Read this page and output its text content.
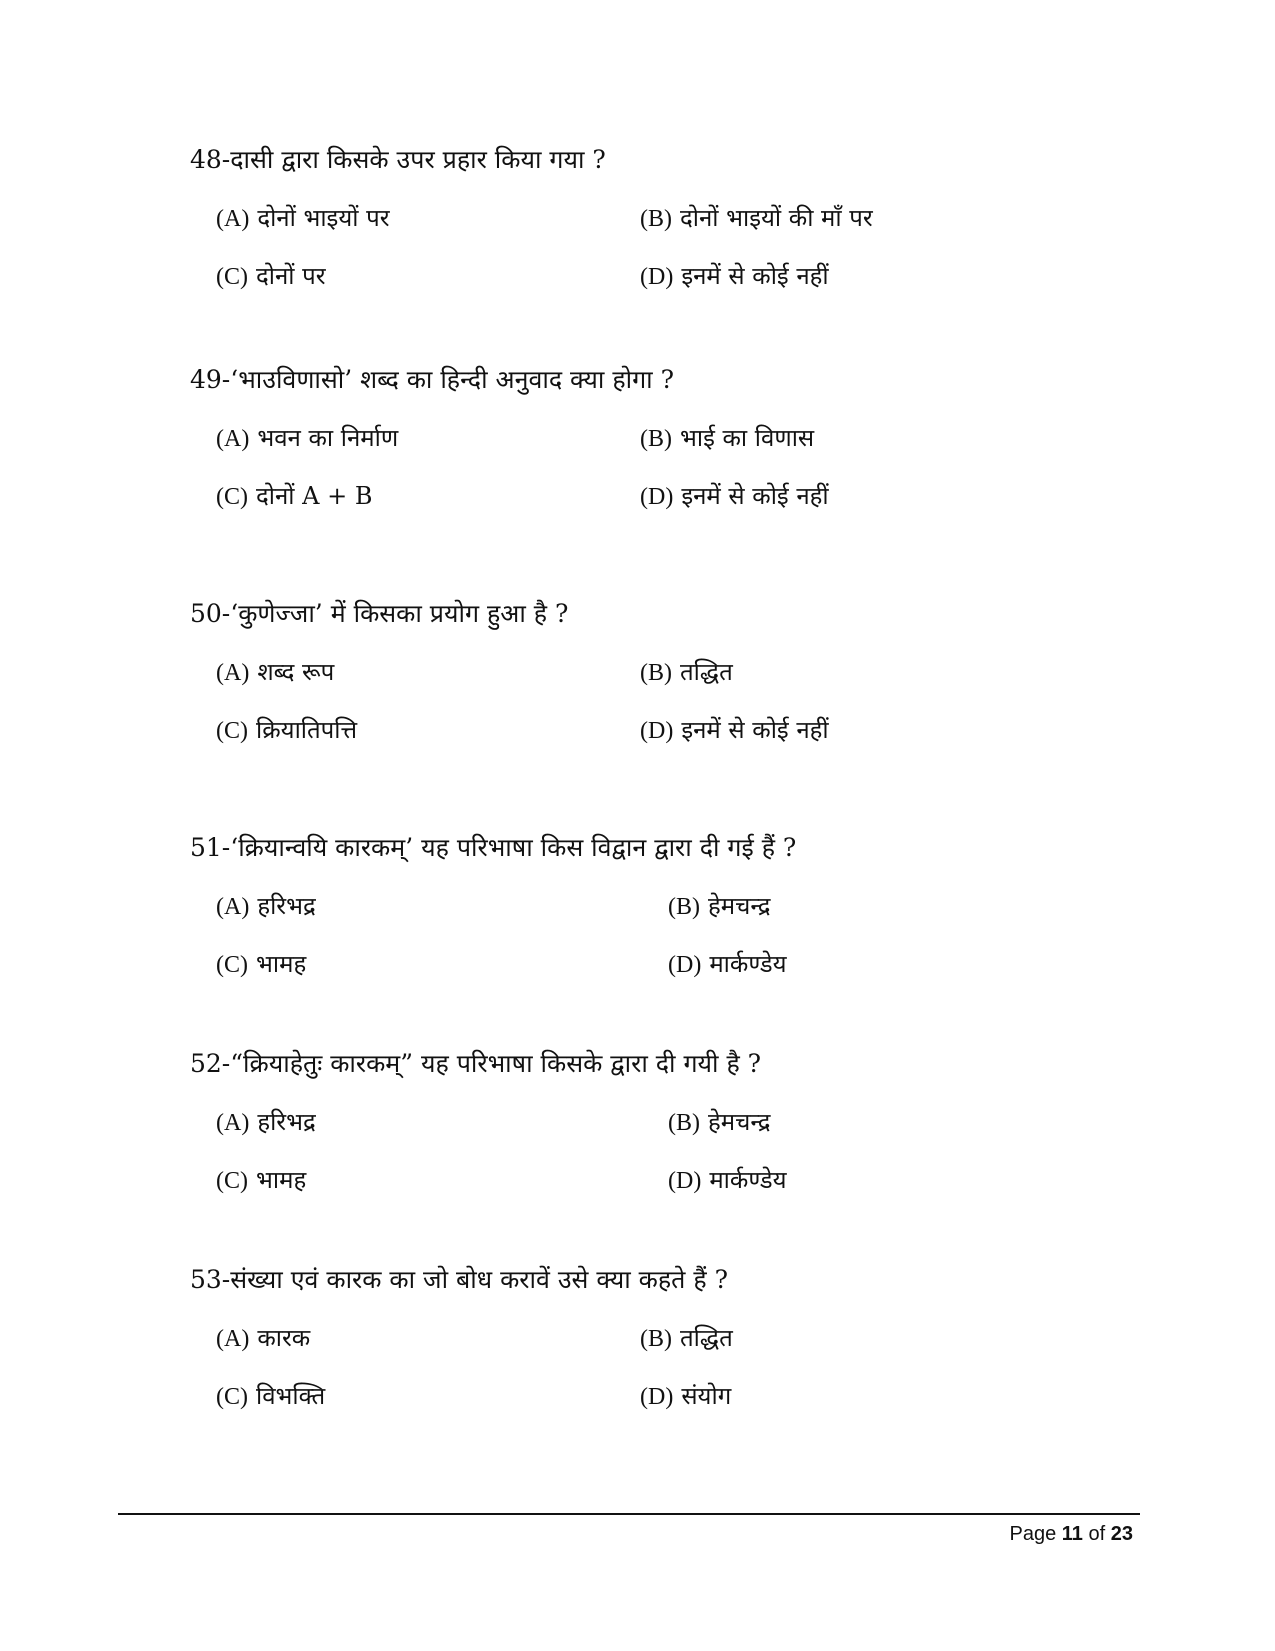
48-दासी द्वारा किसके उपर प्रहार किया गया ?
(A) दोनों भाइयों पर	(B) दोनों भाइयों की माँ पर
(C) दोनों पर	(D) इनमें से कोई नहीं
49-‘भाउविणासो’ शब्द का हिन्दी अनुवाद क्या होगा ?
(A) भवन का निर्माण	(B) भाई का विणास
(C) दोनों A + B	(D) इनमें से कोई नहीं
50-‘कुणेज्जा’ में किसका प्रयोग हुआ है ?
(A) शब्द रूप	(B) तद्धित
(C) क्रियातिपत्ति	(D) इनमें से कोई नहीं
51-‘क्रियान्वयि कारकम्’ यह परिभाषा किस विद्वान द्वारा दी गई हैं ?
(A) हरिभद्र	(B) हेमचन्द्र
(C) भामह	(D) मार्कण्डेय
52-“क्रियाहेतुः कारकम्” यह परिभाषा किसके द्वारा दी गयी है ?
(A) हरिभद्र	(B) हेमचन्द्र
(C) भामह	(D) मार्कण्डेय
53-संख्या एवं कारक का जो बोध करावें उसे क्या कहते हैं ?
(A) कारक	(B) तद्धित
(C) विभक्ति	(D) संयोग
Page 11 of 23
